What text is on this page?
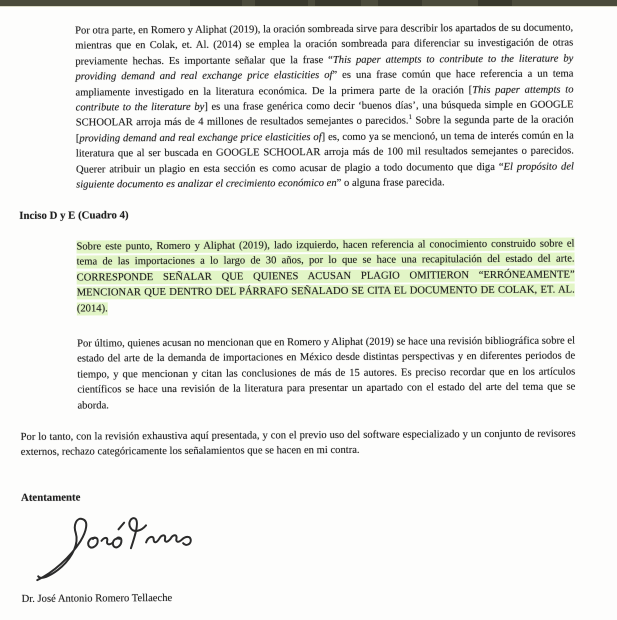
Por otra parte, en Romero y Aliphat (2019), la oración sombreada sirve para describir los apartados de su documento, mientras que en Colak, et. Al. (2014) se emplea la oración sombreada para diferenciar su investigación de otras previamente hechas. Es importante señalar que la frase “This paper attempts to contribute to the literature by providing demand and real exchange price elasticities of” es una frase común que hace referencia a un tema ampliamente investigado en la literatura económica. De la primera parte de la oración [This paper attempts to contribute to the literature by] es una frase genérica como decir ‘buenos días’, una búsqueda simple en GOOGLE SCHOOLAR arroja más de 4 millones de resultados semejantes o parecidos.$^1$ Sobre la segunda parte de la oración [providing demand and real exchange price elasticities of] es, como ya se mencionó, un tema de interés común en la literatura que al ser buscada en GOOGLE SCHOOLAR arroja más de 100 mil resultados semejantes o parecidos. Querer atribuir un plagio en esta sección es como acusar de plagio a todo documento que diga “El propósito del siguiente documento es analizar el crecimiento económico en” o alguna frase parecida.

Inciso D y E (Cuadro 4)

Sobre este punto, Romero y Aliphat (2019), lado izquierdo, hacen referencia al conocimiento construido sobre el tema de las importaciones a lo largo de 30 años, por lo que se hace una recapitulación del estado del arte. CORRESPONDE SEÑALAR QUE QUIENES ACUSAN PLAGIO OMITIERON “ERRÓNEAMENTE” MENCIONAR QUE DENTRO DEL PÁRRAFO SEÑALADO SE CITA EL DOCUMENTO DE COLAK, ET. AL. (2014).

Por último, quienes acusan no mencionan que en Romero y Aliphat (2019) se hace una revisión bibliográfica sobre el estado del arte de la demanda de importaciones en México desde distintas perspectivas y en diferentes periodos de tiempo, y que mencionan y citan las conclusiones de más de 15 autores. Es preciso recordar que en los artículos científicos se hace una revisión de la literatura para presentar un apartado con el estado del arte del tema que se aborda.

Por lo tanto, con la revisión exhaustiva aquí presentada, y con el previo uso del software especializado y un conjunto de revisores externos, rechazo categóricamente los señalamientos que se hacen en mi contra.

Atentamente

Dr. José Antonio Romero Tellaeche
